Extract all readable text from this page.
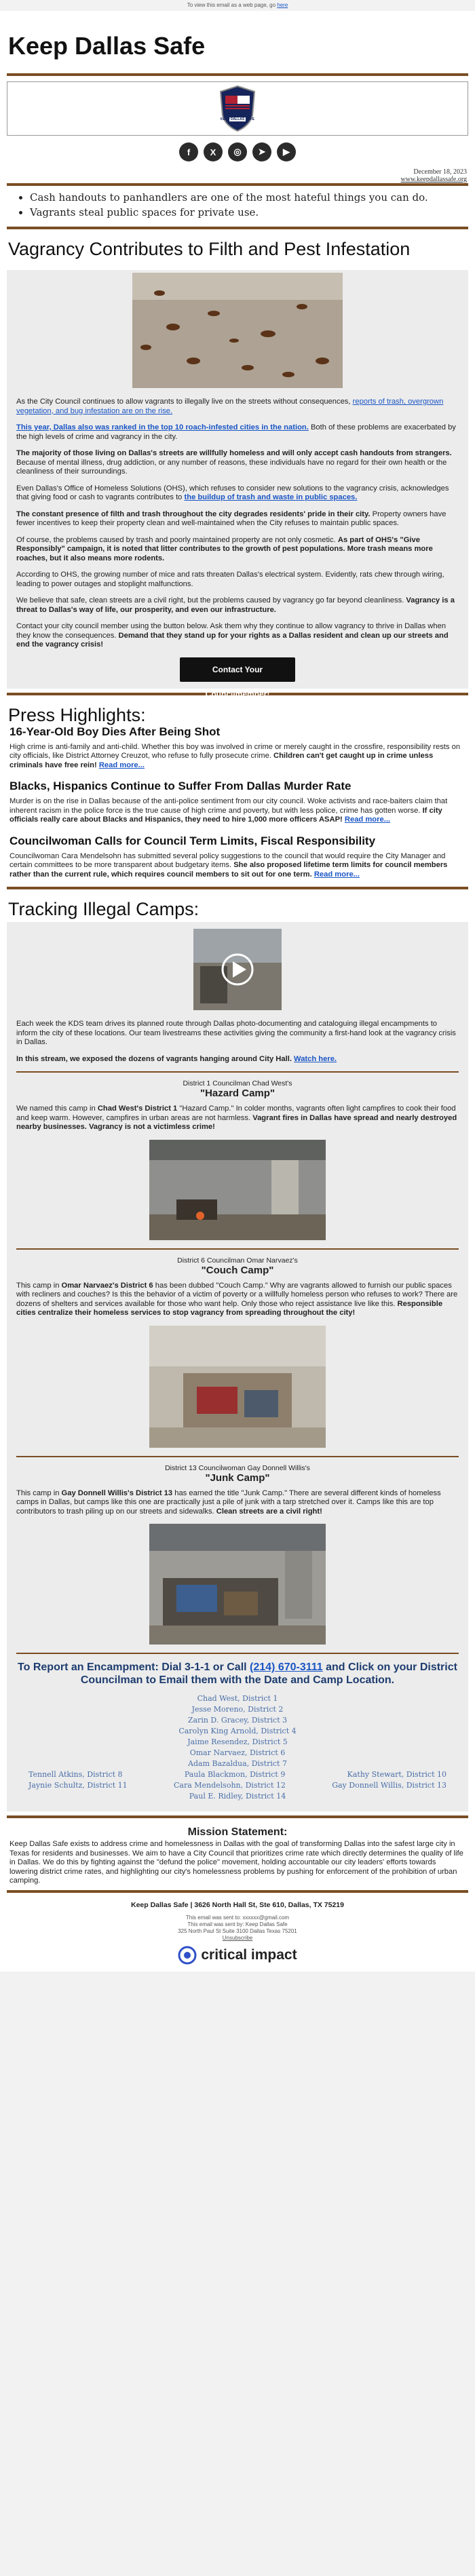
To view this email as a web page, go here
Keep Dallas Safe
KEEP DALLAS SAFE
f	X	◎	➤	▶
December 18, 2023
www.keepdallassafe.org
• Cash handouts to panhandlers are one of the most hateful things you can do.
• Vagrants steal public spaces for private use.
Vagrancy Contributes to Filth and Pest Infestation

As the City Council continues to allow vagrants to illegally live on the streets without consequences, reports of trash, overgrown vegetation, and bug infestation are on the rise.

This year, Dallas also was ranked in the top 10 roach-infested cities in the nation. Both of these problems are exacerbated by the high levels of crime and vagrancy in the city.

The majority of those living on Dallas's streets are willfully homeless and will only accept cash handouts from strangers. Because of mental illness, drug addiction, or any number of reasons, these individuals have no regard for their own health or the cleanliness of their surroundings.

Even Dallas's Office of Homeless Solutions (OHS), which refuses to consider new solutions to the vagrancy crisis, acknowledges that giving food or cash to vagrants contributes to the buildup of trash and waste in public spaces.

The constant presence of filth and trash throughout the city degrades residents' pride in their city. Property owners have fewer incentives to keep their property clean and well-maintained when the City refuses to maintain public spaces.

Of course, the problems caused by trash and poorly maintained property are not only cosmetic. As part of OHS's "Give Responsibly" campaign, it is noted that litter contributes to the growth of pest populations. More trash means more roaches, but it also means more rodents.

According to OHS, the growing number of mice and rats threaten Dallas's electrical system. Evidently, rats chew through wiring, leading to power outages and stoplight malfunctions.

We believe that safe, clean streets are a civil right, but the problems caused by vagrancy go far beyond cleanliness. Vagrancy is a threat to Dallas's way of life, our prosperity, and even our infrastructure.

Contact your city council member using the button below. Ask them why they continue to allow vagrancy to thrive in Dallas when they know the consequences. Demand that they stand up for your rights as a Dallas resident and clean up our streets and end the vagrancy crisis!

Contact Your Councilmember!
Press Highlights:
16-Year-Old Boy Dies After Being Shot

High crime is anti-family and anti-child. Whether this boy was involved in crime or merely caught in the crossfire, responsibility rests on city officials, like District Attorney Creuzot, who refuse to fully prosecute crime. Children can't get caught up in crime unless criminals have free rein! Read more...

Blacks, Hispanics Continue to Suffer From Dallas Murder Rate

Murder is on the rise in Dallas because of the anti-police sentiment from our city council. Woke activists and race-baiters claim that inherent racism in the police force is the true cause of high crime and poverty, but with less police, crime has gotten worse. If city officials really care about Blacks and Hispanics, they need to hire 1,000 more officers ASAP! Read more...

Councilwoman Calls for Council Term Limits, Fiscal Responsibility

Councilwoman Cara Mendelsohn has submitted several policy suggestions to the council that would require the City Manager and certain committees to be more transparent about budgetary items. She also proposed lifetime term limits for council members rather than the current rule, which requires council members to sit out for one term. Read more...

Tracking Illegal Camps:

Each week the KDS team drives its planned route through Dallas photo-documenting and cataloguing illegal encampments to inform the city of these locations. Our team livestreams these activities giving the community a first-hand look at the vagrancy crisis in Dallas.

In this stream, we exposed the dozens of vagrants hanging around City Hall. Watch here.

District 1 Councilman Chad West's
"Hazard Camp"

We named this camp in Chad West's District 1 "Hazard Camp." In colder months, vagrants often light campfires to cook their food and keep warm. However, campfires in urban areas are not harmless. Vagrant fires in Dallas have spread and nearly destroyed nearby businesses. Vagrancy is not a victimless crime!

District 6 Councilman Omar Narvaez's
"Couch Camp"

This camp in Omar Narvaez's District 6 has been dubbed "Couch Camp." Why are vagrants allowed to furnish our public spaces with recliners and couches? Is this the behavior of a victim of poverty or a willfully homeless person who refuses to work? There are dozens of shelters and services available for those who want help. Only those who reject assistance live like this. Responsible cities centralize their homeless services to stop vagrancy from spreading throughout the city!

District 13 Councilwoman Gay Donnell Willis's
"Junk Camp"

This camp in Gay Donnell Willis's District 13 has earned the title "Junk Camp." There are several different kinds of homeless camps in Dallas, but camps like this one are practically just a pile of junk with a tarp stretched over it. Camps like this are top contributors to trash piling up on our streets and sidewalks. Clean streets are a civil right!

To Report an Encampment: Dial 3-1-1 or Call (214) 670-3111 and Click on your District Councilman to Email them with the Date and Camp Location.
Chad West, District 1
Jesse Moreno, District 2
Zarin D. Gracey, District 3
Carolyn King Arnold, District 4
Jaime Resendez, District 5
Omar Narvaez, District 6
Adam Bazaldua, District 7
Tennell Atkins, District 8	Paula Blackmon, District 9	Kathy Stewart, District 10
Jaynie Schultz, District 11	Cara Mendelsohn, District 12	Gay Donnell Willis, District 13
Paul E. Ridley, District 14
Mission Statement:

Keep Dallas Safe exists to address crime and homelessness in Dallas with the goal of transforming Dallas into the safest large city in Texas for residents and businesses. We aim to have a City Council that prioritizes crime rate which directly determines the quality of life in Dallas. We do this by fighting against the "defund the police" movement, holding accountable our city leaders' efforts towards lowering district crime rates, and highlighting our city's homelessness problems by pushing for enforcement of the prohibition of urban camping.

Keep Dallas Safe | 3626 North Hall St, Ste 610, Dallas, TX 75219
This email was sent to: xxxxxx@gmail.com
This email was sent by: Keep Dallas Safe
325 North Paul St Suite 3100 Dallas Texas 75201
Unsubscribe
critical impact
